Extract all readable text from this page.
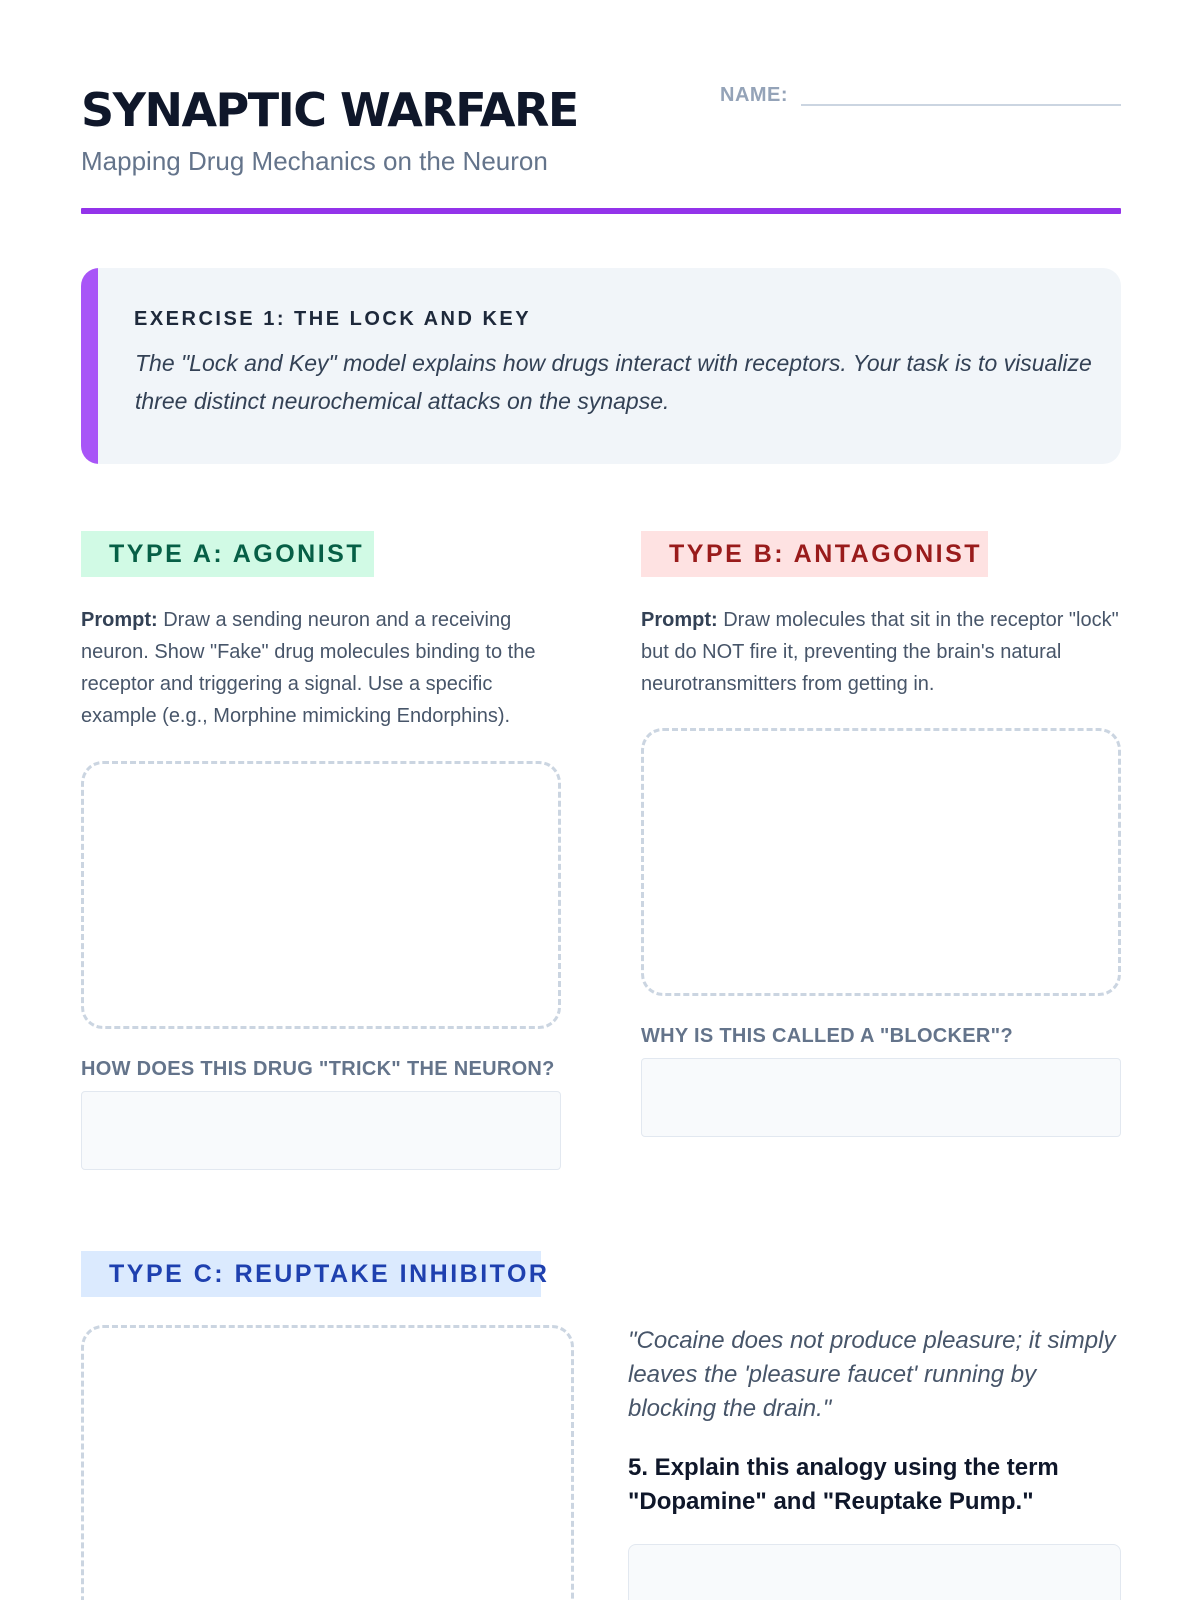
SYNAPTIC WARFARE
Mapping Drug Mechanics on the Neuron
NAME:
EXERCISE 1: THE LOCK AND KEY
The "Lock and Key" model explains how drugs interact with receptors. Your task is to visualize three distinct neurochemical attacks on the synapse.
TYPE A: AGONIST
Prompt: Draw a sending neuron and a receiving neuron. Show "Fake" drug molecules binding to the receptor and triggering a signal. Use a specific example (e.g., Morphine mimicking Endorphins).
HOW DOES THIS DRUG "TRICK" THE NEURON?
TYPE B: ANTAGONIST
Prompt: Draw molecules that sit in the receptor "lock" but do NOT fire it, preventing the brain's natural neurotransmitters from getting in.
WHY IS THIS CALLED A "BLOCKER"?
TYPE C: REUPTAKE INHIBITOR
"Cocaine does not produce pleasure; it simply leaves the 'pleasure faucet' running by blocking the drain."
5. Explain this analogy using the term "Dopamine" and "Reuptake Pump."
